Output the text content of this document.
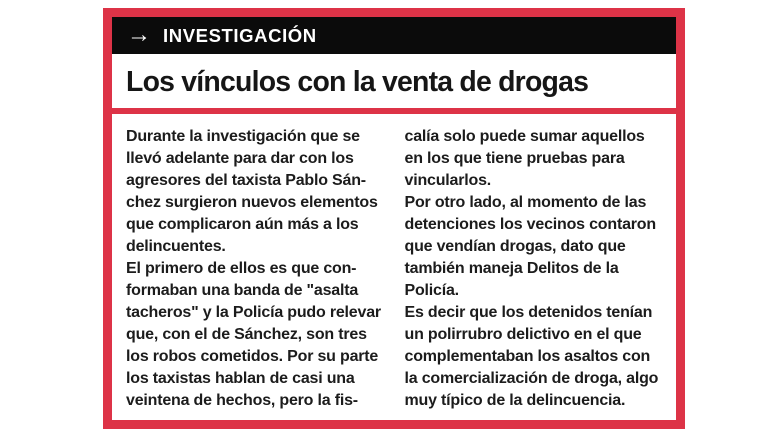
→ INVESTIGACIÓN
Los vínculos con la venta de drogas
Durante la investigación que se
llevó adelante para dar con los
agresores del taxista Pablo Sán-
chez surgieron nuevos elementos
que complicaron aún más a los
delincuentes.
El primero de ellos es que con-
formaban una banda de "asalta
tacheros" y la Policía pudo relevar
que, con el de Sánchez, son tres
los robos cometidos. Por su parte
los taxistas hablan de casi una
veintena de hechos, pero la fis-
calía solo puede sumar aquellos
en los que tiene pruebas para
vincularlos.
Por otro lado, al momento de las
detenciones los vecinos contaron
que vendían drogas, dato que
también maneja Delitos de la
Policía.
Es decir que los detenidos tenían
un polirrubro delictivo en el que
complementaban los asaltos con
la comercialización de droga, algo
muy típico de la delincuencia.
